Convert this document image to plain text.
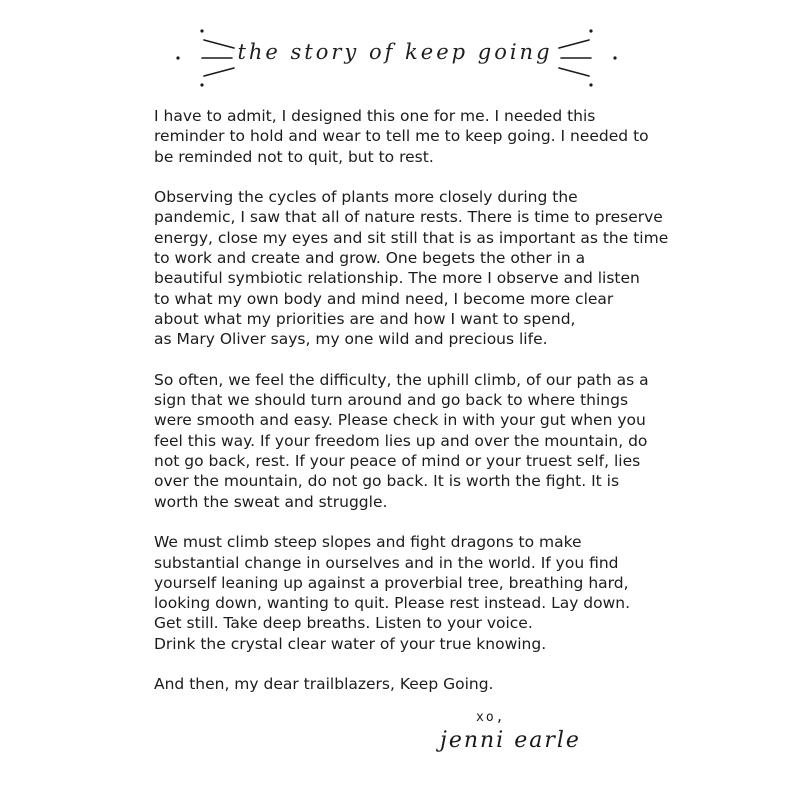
the story of keep going

I have to admit, I designed this one for me. I needed this
reminder to hold and wear to tell me to keep going. I needed to
be reminded not to quit, but to rest.

Observing the cycles of plants more closely during the
pandemic, I saw that all of nature rests. There is time to preserve
energy, close my eyes and sit still that is as important as the time
to work and create and grow. One begets the other in a
beautiful symbiotic relationship. The more I observe and listen
to what my own body and mind need, I become more clear
about what my priorities are and how I want to spend,
as Mary Oliver says, my one wild and precious life.

So often, we feel the difficulty, the uphill climb, of our path as a
sign that we should turn around and go back to where things
were smooth and easy. Please check in with your gut when you
feel this way. If your freedom lies up and over the mountain, do
not go back, rest. If your peace of mind or your truest self, lies
over the mountain, do not go back. It is worth the fight. It is
worth the sweat and struggle.

We must climb steep slopes and fight dragons to make
substantial change in ourselves and in the world. If you find
yourself leaning up against a proverbial tree, breathing hard,
looking down, wanting to quit. Please rest instead. Lay down.
Get still. Take deep breaths. Listen to your voice.
Drink the crystal clear water of your true knowing.

And then, my dear trailblazers, Keep Going.

xo,
jenni earle
